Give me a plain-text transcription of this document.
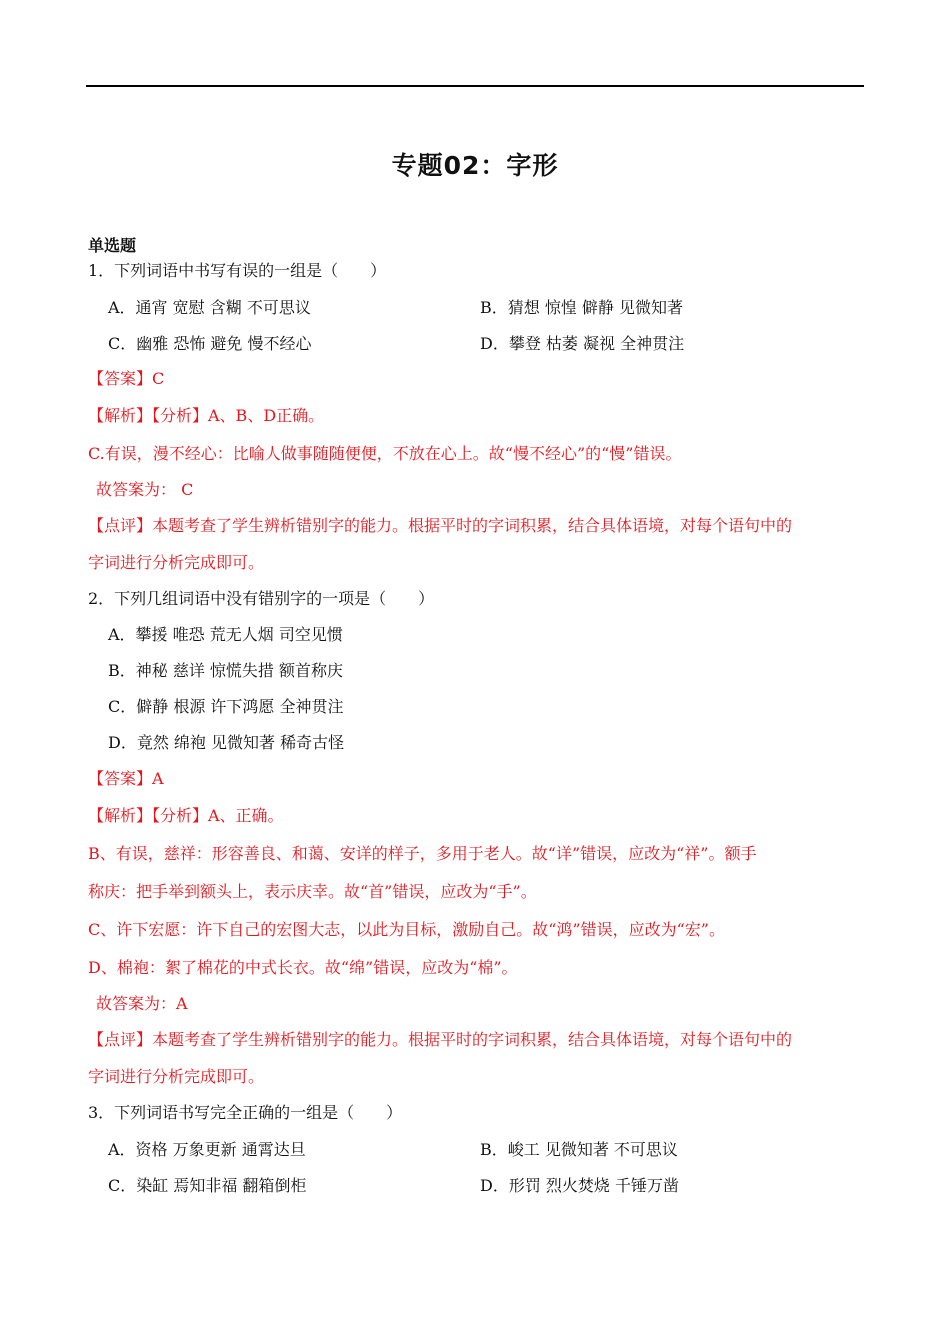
专题02：字形
单选题
1．下列词语中书写有误的一组是（　　）
A．通宵 宽慰 含糊 不可思议	B．猜想 惊惶 僻静 见微知著
C．幽雅 恐怖 避免 慢不经心	D．攀登 枯萎 凝视 全神贯注
【答案】C
【解析】【分析】A、B、D正确。
C.有误，漫不经心：比喻人做事随随便便，不放在心上。故“慢不经心”的“慢”错误。
故答案为： C
【点评】本题考查了学生辨析错别字的能力。根据平时的字词积累，结合具体语境，对每个语句中的
字词进行分析完成即可。
2．下列几组词语中没有错别字的一项是（　　）
A．攀援 唯恐 荒无人烟 司空见惯
B．神秘 慈详 惊慌失措 额首称庆
C．僻静 根源 许下鸿愿 全神贯注
D．竟然 绵袍 见微知著 稀奇古怪
【答案】A
【解析】【分析】A、正确。
B、有误，慈祥：形容善良、和蔼、安详的样子，多用于老人。故“详”错误，应改为“祥”。额手
称庆：把手举到额头上，表示庆幸。故“首”错误，应改为“手”。
C、许下宏愿：许下自己的宏图大志，以此为目标，激励自己。故“鸿”错误，应改为“宏”。
D、棉袍：絮了棉花的中式长衣。故“绵”错误，应改为“棉”。
故答案为：A
【点评】本题考查了学生辨析错别字的能力。根据平时的字词积累，结合具体语境，对每个语句中的
字词进行分析完成即可。
3．下列词语书写完全正确的一组是（　　）
A．资格 万象更新 通霄达旦	B．峻工 见微知著 不可思议
C．染缸 焉知非福 翻箱倒柜	D．形罚 烈火焚烧 千锤万凿
